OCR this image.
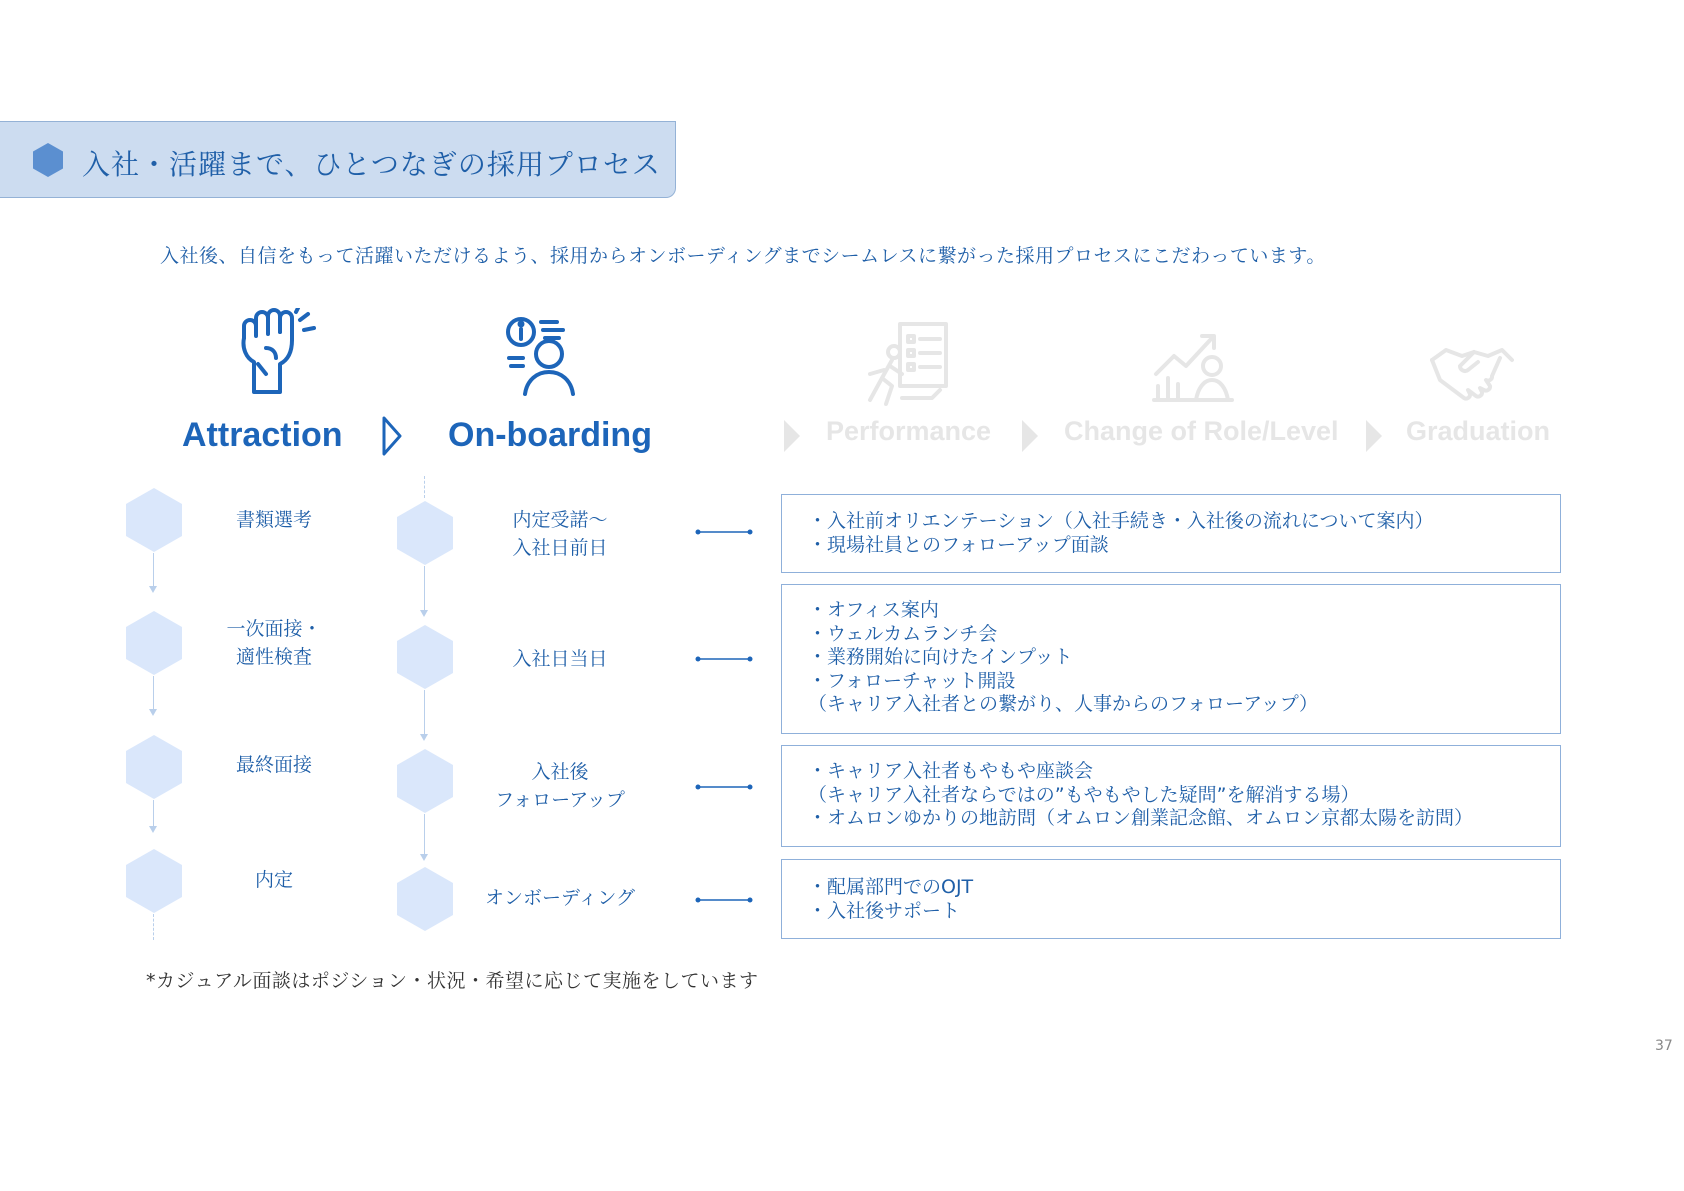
入社・活躍まで、ひとつなぎの採用プロセス
入社後、自信をもって活躍いただけるよう、採用からオンボーディングまでシームレスに繋がった採用プロセスにこだわっています。
Attraction	On-boarding	Performance	Change of Role/Level Graduation
書類選考
一次面接・
適性検査
最終面接
内定
内定受諾〜
入社日前日
入社日当日
入社後
フォローアップ
オンボーディング
・入社前オリエンテーション（入社手続き・入社後の流れについて案内）
・現場社員とのフォローアップ面談
・オフィス案内
・ウェルカムランチ会
・業務開始に向けたインプット
・フォローチャット開設
（キャリア入社者との繋がり、人事からのフォローアップ）
・キャリア入社者もやもや座談会
（キャリア入社者ならではの”もやもやした疑問”を解消する場）
・オムロンゆかりの地訪問（オムロン創業記念館、オムロン京都太陽を訪問）
・配属部門でのOJT
・入社後サポート
*カジュアル面談はポジション・状況・希望に応じて実施をしています
37
